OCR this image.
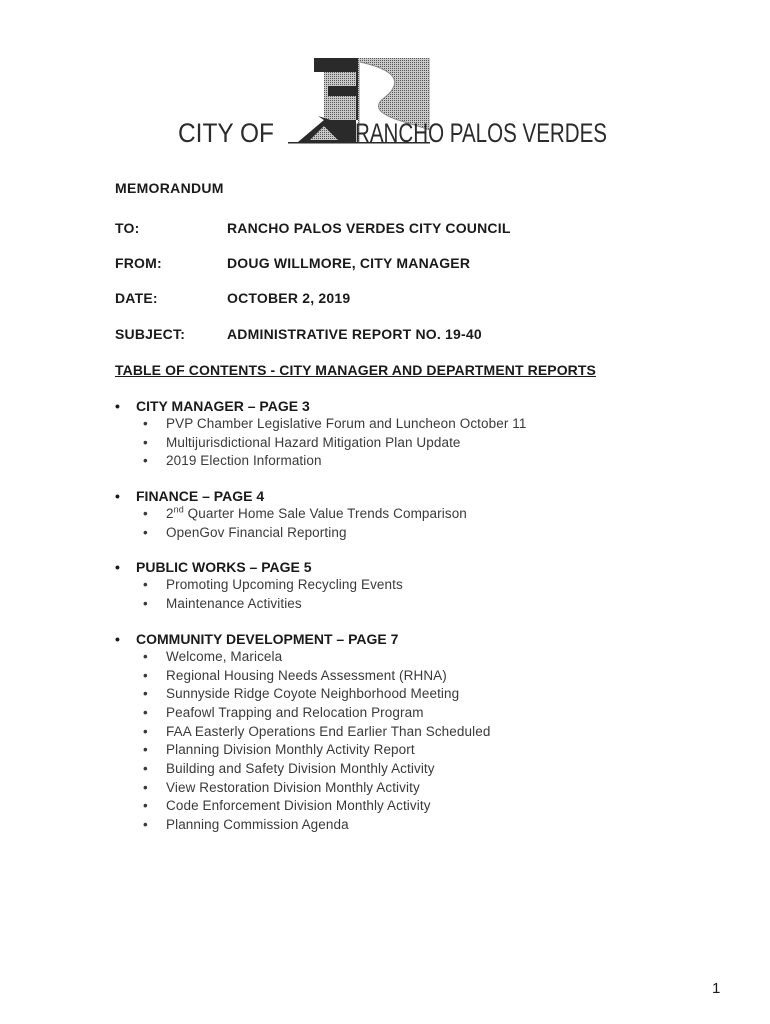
CITY OF	RANCHO PALOS VERDES
MEMORANDUM
TO:	RANCHO PALOS VERDES CITY COUNCIL
FROM:	DOUG WILLMORE, CITY MANAGER
DATE:	OCTOBER 2, 2019
SUBJECT:	ADMINISTRATIVE REPORT NO. 19-40
TABLE OF CONTENTS - CITY MANAGER AND DEPARTMENT REPORTS
• CITY MANAGER – PAGE 3
• PVP Chamber Legislative Forum and Luncheon October 11
• Multijurisdictional Hazard Mitigation Plan Update
• 2019 Election Information
• FINANCE – PAGE 4
• 2nd Quarter Home Sale Value Trends Comparison
• OpenGov Financial Reporting
• PUBLIC WORKS – PAGE 5
• Promoting Upcoming Recycling Events
• Maintenance Activities
• COMMUNITY DEVELOPMENT – PAGE 7
• Welcome, Maricela
• Regional Housing Needs Assessment (RHNA)
• Sunnyside Ridge Coyote Neighborhood Meeting
• Peafowl Trapping and Relocation Program
• FAA Easterly Operations End Earlier Than Scheduled
• Planning Division Monthly Activity Report
• Building and Safety Division Monthly Activity
• View Restoration Division Monthly Activity
• Code Enforcement Division Monthly Activity
• Planning Commission Agenda
1
